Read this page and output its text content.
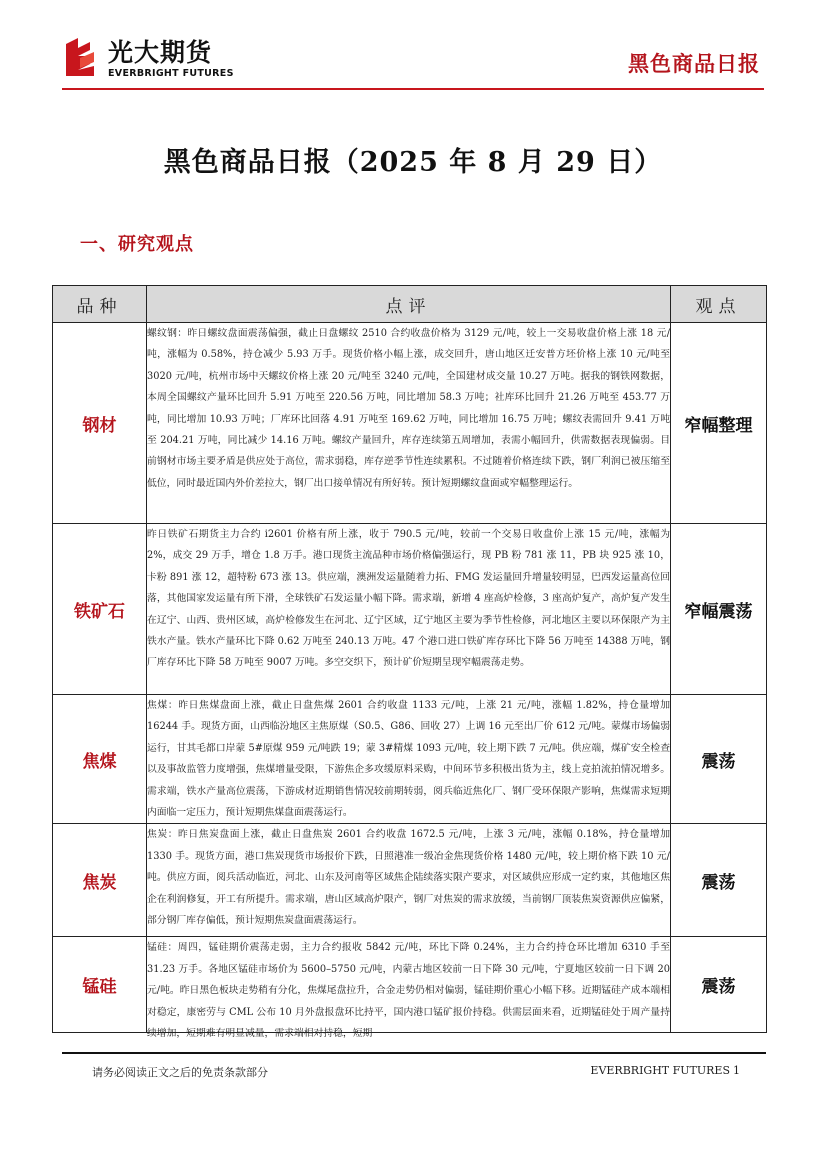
光大期货
EVERBRIGHT FUTURES	黑色商品日报
黑色商品日报（2025 年 8 月 29 日）
一、研究观点
品种	点评	观点
钢材	螺纹钢：昨日螺纹盘面震荡偏强，截止日盘螺纹 2510 合约收盘价格为 3129 元/吨，较上一交易收盘价格上涨 18 元/吨，涨幅为 0.58%，持仓减少 5.93 万手。现货价格小幅上涨，成交回升，唐山地区迁安普方坯价格上涨 10 元/吨至 3020 元/吨，杭州市场中天螺纹价格上涨 20 元/吨至 3240 元/吨，全国建材成交量 10.27 万吨。据我的钢铁网数据，本周全国螺纹产量环比回升 5.91 万吨至 220.56 万吨，同比增加 58.3 万吨；社库环比回升 21.26 万吨至 453.77 万吨，同比增加 10.93 万吨；厂库环比回落 4.91 万吨至 169.62 万吨，同比增加 16.75 万吨；螺纹表需回升 9.41 万吨至 204.21 万吨，同比减少 14.16 万吨。螺纹产量回升，库存连续第五周增加，表需小幅回升，供需数据表现偏弱。目前钢材市场主要矛盾是供应处于高位，需求弱稳，库存逆季节性连续累积。不过随着价格连续下跌，钢厂利润已被压缩至低位，同时最近国内外价差拉大，钢厂出口接单情况有所好转。预计短期螺纹盘面或窄幅整理运行。	窄幅整理
铁矿石	昨日铁矿石期货主力合约 i2601 价格有所上涨，收于 790.5 元/吨，较前一个交易日收盘价上涨 15 元/吨，涨幅为 2%，成交 29 万手，增仓 1.8 万手。港口现货主流品种市场价格偏强运行，现 PB 粉 781 涨 11，PB 块 925 涨 10，卡粉 891 涨 12，超特粉 673 涨 13。供应端，澳洲发运量随着力拓、FMG 发运量回升增量较明显，巴西发运量高位回落，其他国家发运量有所下滑，全球铁矿石发运量小幅下降。需求端，新增 4 座高炉检修，3 座高炉复产，高炉复产发生在辽宁、山西、贵州区域，高炉检修发生在河北、辽宁区域，辽宁地区主要为季节性检修，河北地区主要以环保限产为主铁水产量。铁水产量环比下降 0.62 万吨至 240.13 万吨。47 个港口进口铁矿库存环比下降 56 万吨至 14388 万吨，钢厂库存环比下降 58 万吨至 9007 万吨。多空交织下，预计矿价短期呈现窄幅震荡走势。	窄幅震荡
焦煤	焦煤：昨日焦煤盘面上涨，截止日盘焦煤 2601 合约收盘 1133 元/吨，上涨 21 元/吨，涨幅 1.82%，持仓量增加 16244 手。现货方面，山西临汾地区主焦原煤（S0.5、G86、回收 27）上调 16 元至出厂价 612 元/吨。蒙煤市场偏弱运行，甘其毛都口岸蒙 5#原煤 959 元/吨跌 19；蒙 3#精煤 1093 元/吨，较上期下跌 7 元/吨。供应端，煤矿安全检查以及事故监管力度增强，焦煤增量受限，下游焦企多攻缓原料采购，中间环节多积极出货为主，线上竞拍流拍情况增多。需求端，铁水产量高位震荡，下游成材近期销售情况较前期转弱，阅兵临近焦化厂、钢厂受环保限产影响，焦煤需求短期内面临一定压力，预计短期焦煤盘面震荡运行。	震荡
焦炭	焦炭：昨日焦炭盘面上涨，截止日盘焦炭 2601 合约收盘 1672.5 元/吨，上涨 3 元/吨，涨幅 0.18%，持仓量增加 1330 手。现货方面，港口焦炭现货市场报价下跌，日照港准一级冶金焦现货价格 1480 元/吨，较上期价格下跌 10 元/吨。供应方面，阅兵活动临近，河北、山东及河南等区域焦企陆续落实限产要求，对区域供应形成一定约束，其他地区焦企在利润修复，开工有所提升。需求端，唐山区域高炉限产，钢厂对焦炭的需求放缓，当前钢厂顶装焦炭资源供应偏紧，部分钢厂库存偏低，预计短期焦炭盘面震荡运行。	震荡
锰硅	锰硅：周四，锰硅期价震荡走弱，主力合约报收 5842 元/吨，环比下降 0.24%，主力合约持仓环比增加 6310 手至 31.23 万手。各地区锰硅市场价为 5600–5750 元/吨，内蒙古地区较前一日下降 30 元/吨，宁夏地区较前一日下调 20 元/吨。昨日黑色板块走势稍有分化，焦煤尾盘拉升，合金走势仍相对偏弱，锰硅期价重心小幅下移。近期锰硅产成本端相对稳定，康密劳与 CML 公布 10 月外盘报盘环比持平，国内港口锰矿报价持稳。供需层面来看，近期锰硅处于周产量持续增加，短期难有明显减量，需求端相对持稳，短期	震荡
请务必阅读正文之后的免责条款部分	EVERBRIGHT FUTURES 1
